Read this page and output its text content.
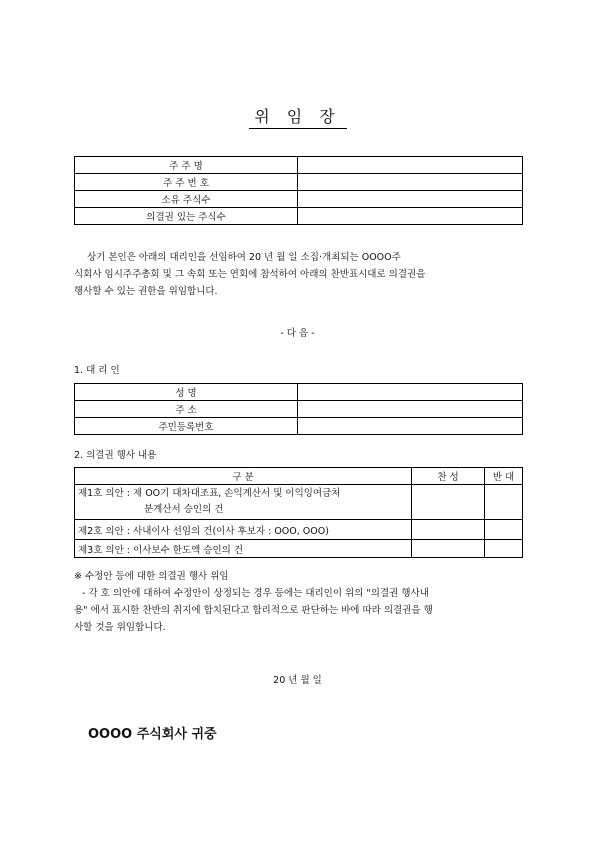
위 임 장
주 주 명	
주 주 번 호	
소유 주식수	
의결권 있는 주식수	
상기 본인은 아래의 대리인을 선임하여 20 년 월 일 소집·개최되는 OOOO주
식회사 임시주주총회 및 그 속회 또는 연회에 참석하여 아래의 찬반표시대로 의결권을
행사할 수 있는 권한을 위임합니다.
- 다 음 -
1. 대 리 인
성 명	
주 소	
주민등록번호	
2. 의결권 행사 내용
구 분	찬 성	반 대

제1호 의안 : 제 OO기 대차대조표, 손익계산서 및 이익잉여금처
분계산서 승인의 건		

제2호 의안 : 사내이사 선임의 건(이사 후보자 : OOO, OOO)		
제3호 의안 : 이사보수 한도액 승인의 건		
※ 수정안 등에 대한 의결권 행사 위임
- 각 호 의안에 대하여 수정안이 상정되는 경우 등에는 대리인이 위의 "의결권 행사내
용" 에서 표시한 찬반의 취지에 합치된다고 합리적으로 판단하는 바에 따라 의결권을 행
사할 것을 위임합니다.
20 년 월 일
OOOO 주식회사 귀중
